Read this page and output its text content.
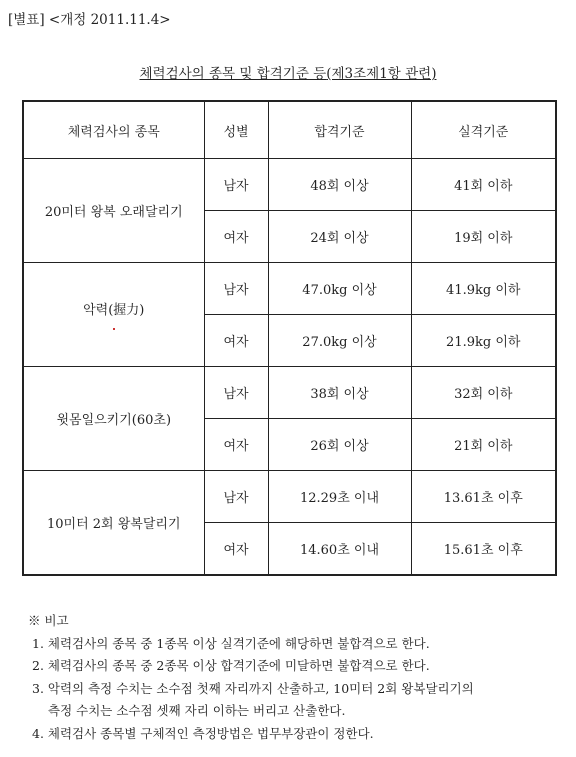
[별표] <개정 2011.11.4>
체력검사의 종목 및 합격기준 등(제3조제1항 관련)
체력검사의 종목	성별	합격기준	실격기준
20미터 왕복 오래달리기	남자	48회 이상	41회 이하
	여자	24회 이상	19회 이하
악력(握力)	남자	47.0kg 이상	41.9kg 이하
	여자	27.0kg 이상	21.9kg 이하
윗몸일으키기(60초)	남자	38회 이상	32회 이하
	여자	26회 이상	21회 이하
10미터 2회 왕복달리기	남자	12.29초 이내	13.61초 이후
	여자	14.60초 이내	15.61초 이후
※ 비고
1. 체력검사의 종목 중 1종목 이상 실격기준에 해당하면 불합격으로 한다.
2. 체력검사의 종목 중 2종목 이상 합격기준에 미달하면 불합격으로 한다.
3. 악력의 측정 수치는 소수점 첫째 자리까지 산출하고, 10미터 2회 왕복달리기의
측정 수치는 소수점 셋째 자리 이하는 버리고 산출한다.
4. 체력검사 종목별 구체적인 측정방법은 법무부장관이 정한다.
